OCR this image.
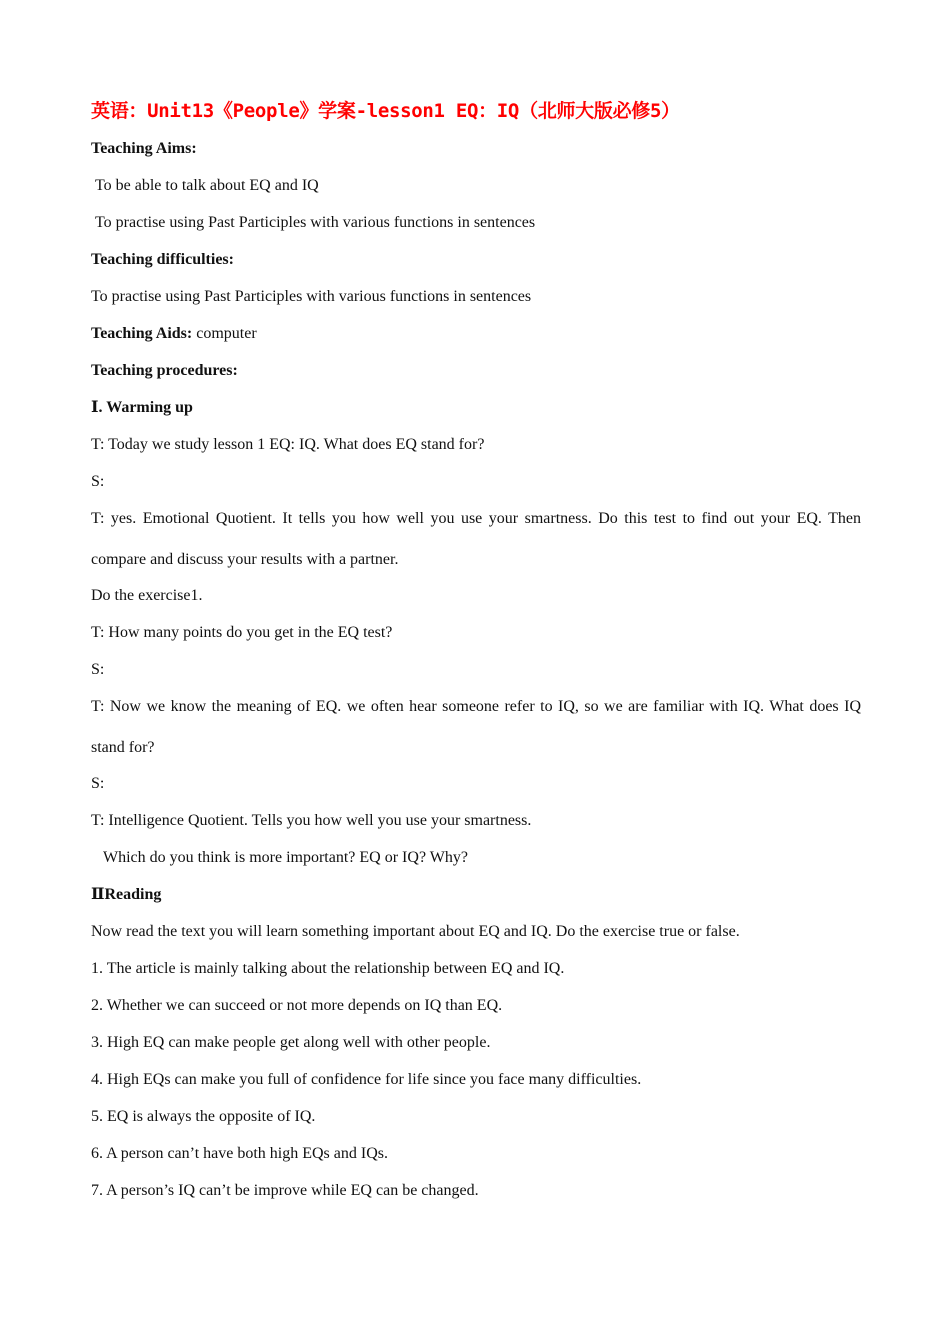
英语：Unit13《People》学案-lesson1 EQ：IQ（北师大版必修5）
Teaching Aims:
To be able to talk about EQ and IQ
To practise using Past Participles with various functions in sentences
Teaching difficulties:
To practise using Past Participles with various functions in sentences
Teaching Aids: computer
Teaching procedures:
Ⅰ. Warming up
T: Today we study lesson 1 EQ: IQ. What does EQ stand for?
S:
T: yes. Emotional Quotient. It tells you how well you use your smartness. Do this test to find out your EQ. Then compare and discuss your results with a partner.
Do the exercise1.
T: How many points do you get in the EQ test?
S:
T: Now we know the meaning of EQ. we often hear someone refer to IQ, so we are familiar with IQ. What does IQ stand for?
S:
T: Intelligence Quotient. Tells you how well you use your smartness.
Which do you think is more important? EQ or IQ? Why?
ⅡReading
Now read the text you will learn something important about EQ and IQ. Do the exercise true or false.
1. The article is mainly talking about the relationship between EQ and IQ.
2. Whether we can succeed or not more depends on IQ than EQ.
3. High EQ can make people get along well with other people.
4. High EQs can make you full of confidence for life since you face many difficulties.
5. EQ is always the opposite of IQ.
6. A person can’t have both high EQs and IQs.
7. A person’s IQ can’t be improve while EQ can be changed.
